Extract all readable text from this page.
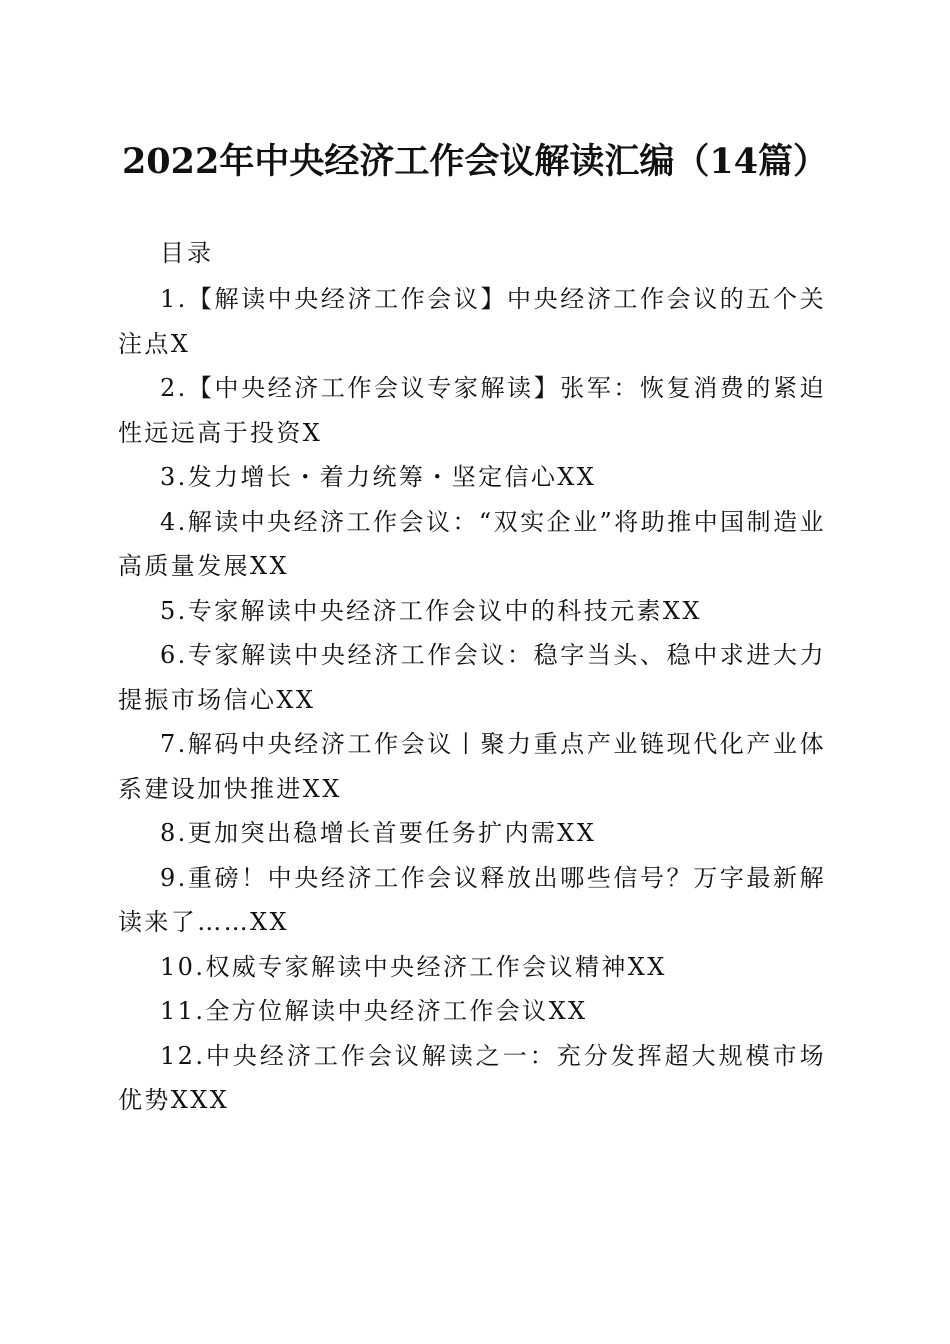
2022年中央经济工作会议解读汇编（14篇）
目录
1.【解读中央经济工作会议】中央经济工作会议的五个关注点X
2.【中央经济工作会议专家解读】张军：恢复消费的紧迫性远远高于投资X
3.发力增长・着力统筹・坚定信心XX
4.解读中央经济工作会议：“双实企业”将助推中国制造业高质量发展XX
5.专家解读中央经济工作会议中的科技元素XX
6.专家解读中央经济工作会议：稳字当头、稳中求进大力提振市场信心XX
7.解码中央经济工作会议丨聚力重点产业链现代化产业体系建设加快推进XX
8.更加突出稳增长首要任务扩内需XX
9.重磅！中央经济工作会议释放出哪些信号？万字最新解读来了……XX
10.权威专家解读中央经济工作会议精神XX
11.全方位解读中央经济工作会议XX
12.中央经济工作会议解读之一：充分发挥超大规模市场优势XXX
